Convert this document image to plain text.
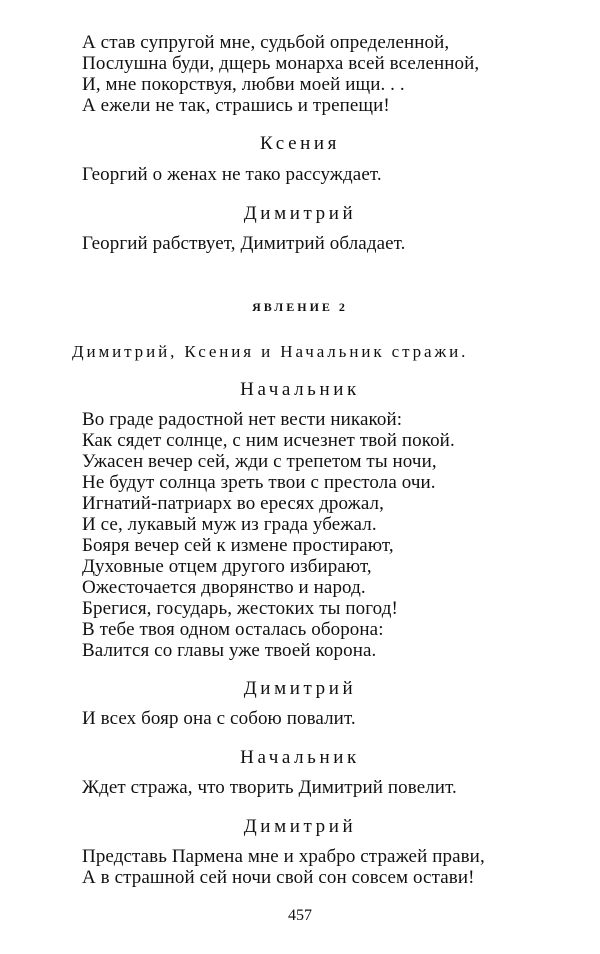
А став супругой мне, судьбой определенной,
Послушна буди, дщерь монарха всей вселенной,
И, мне покорствуя, любви моей ищи. . .
А ежели не так, страшись и трепещи!
Ксения
Георгий о женах не тако рассуждает.
Димитрий
Георгий рабствует, Димитрий обладает.
ЯВЛЕНИЕ 2
Димитрий, Ксения и Начальник стражи.
Начальник
Во граде радостной нет вести никакой:
Как сядет солнце, с ним исчезнет твой покой.
Ужасен вечер сей, жди с трепетом ты ночи,
Не будут солнца зреть твои с престола очи.
Игнатий-патриарх во ересях дрожал,
И се, лукавый муж из града убежал.
Бояря вечер сей к измене простирают,
Духовные отцем другого избирают,
Ожесточается дворянство и народ.
Брегися, государь, жестоких ты погод!
В тебе твоя одном осталась оборона:
Валится со главы уже твоей корона.
Димитрий
И всех бояр она с собою повалит.
Начальник
Ждет стража, что творить Димитрий повелит.
Димитрий
Представь Пармена мне и храбро стражей прави,
А в страшной сей ночи свой сон совсем остави!
457
